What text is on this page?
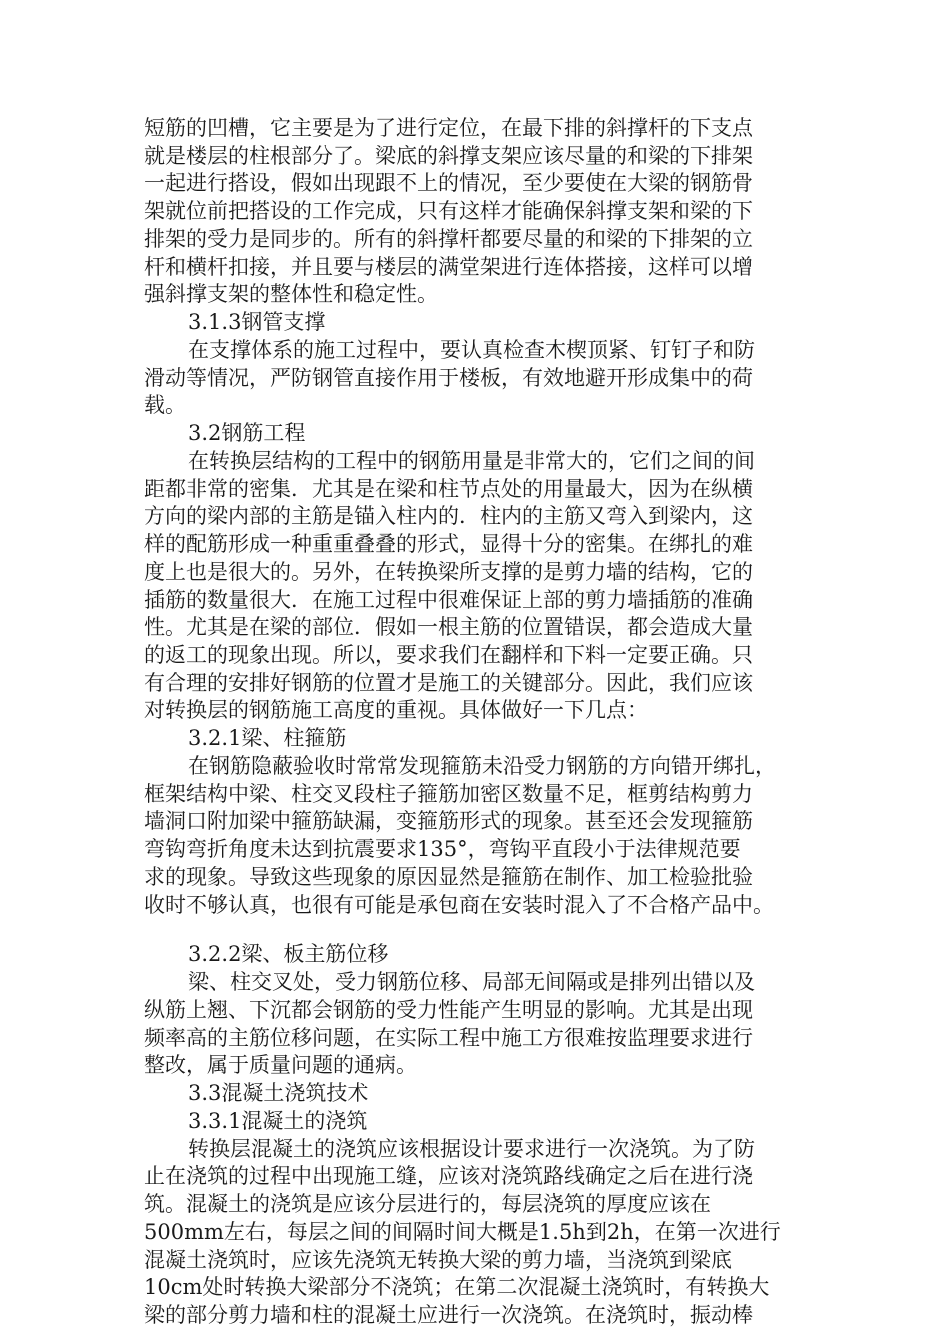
短筋的凹槽，它主要是为了进行定位，在最下排的斜撑杆的下支点
就是楼层的柱根部分了。梁底的斜撑支架应该尽量的和梁的下排架
一起进行搭设，假如出现跟不上的情况，至少要使在大梁的钢筋骨
架就位前把搭设的工作完成，只有这样才能确保斜撑支架和梁的下
排架的受力是同步的。所有的斜撑杆都要尽量的和梁的下排架的立
杆和横杆扣接，并且要与楼层的满堂架进行连体搭接，这样可以增
强斜撑支架的整体性和稳定性。
3.1.3钢管支撑
在支撑体系的施工过程中，要认真检查木楔顶紧、钉钉子和防
滑动等情况，严防钢管直接作用于楼板，有效地避开形成集中的荷
载。
3.2钢筋工程
在转换层结构的工程中的钢筋用量是非常大的，它们之间的间
距都非常的密集．尤其是在梁和柱节点处的用量最大，因为在纵横
方向的梁内部的主筋是锚入柱内的．柱内的主筋又弯入到梁内，这
样的配筋形成一种重重叠叠的形式，显得十分的密集。在绑扎的难
度上也是很大的。另外，在转换梁所支撑的是剪力墙的结构，它的
插筋的数量很大．在施工过程中很难保证上部的剪力墙插筋的准确
性。尤其是在梁的部位．假如一根主筋的位置错误，都会造成大量
的返工的现象出现。所以，要求我们在翻样和下料一定要正确。只
有合理的安排好钢筋的位置才是施工的关键部分。因此，我们应该
对转换层的钢筋施工高度的重视。具体做好一下几点：
3.2.1梁、柱箍筋
在钢筋隐蔽验收时常常发现箍筋未沿受力钢筋的方向错开绑扎，
框架结构中梁、柱交叉段柱子箍筋加密区数量不足，框剪结构剪力
墙洞口附加梁中箍筋缺漏，变箍筋形式的现象。甚至还会发现箍筋
弯钩弯折角度未达到抗震要求135°，弯钩平直段小于法律规范要
求的现象。导致这些现象的原因显然是箍筋在制作、加工检验批验
收时不够认真，也很有可能是承包商在安装时混入了不合格产品中。
3.2.2梁、板主筋位移
梁、柱交叉处，受力钢筋位移、局部无间隔或是排列出错以及
纵筋上翘、下沉都会钢筋的受力性能产生明显的影响。尤其是出现
频率高的主筋位移问题，在实际工程中施工方很难按监理要求进行
整改，属于质量问题的通病。
3.3混凝土浇筑技术
3.3.1混凝土的浇筑
转换层混凝土的浇筑应该根据设计要求进行一次浇筑。为了防
止在浇筑的过程中出现施工缝，应该对浇筑路线确定之后在进行浇
筑。混凝土的浇筑是应该分层进行的，每层浇筑的厚度应该在
500mm左右，每层之间的间隔时间大概是1.5h到2h，在第一次进行
混凝土浇筑时，应该先浇筑无转换大梁的剪力墙，当浇筑到梁底
10cm处时转换大梁部分不浇筑；在第二次混凝土浇筑时，有转换大
梁的部分剪力墙和柱的混凝土应进行一次浇筑。在浇筑时，振动棒
